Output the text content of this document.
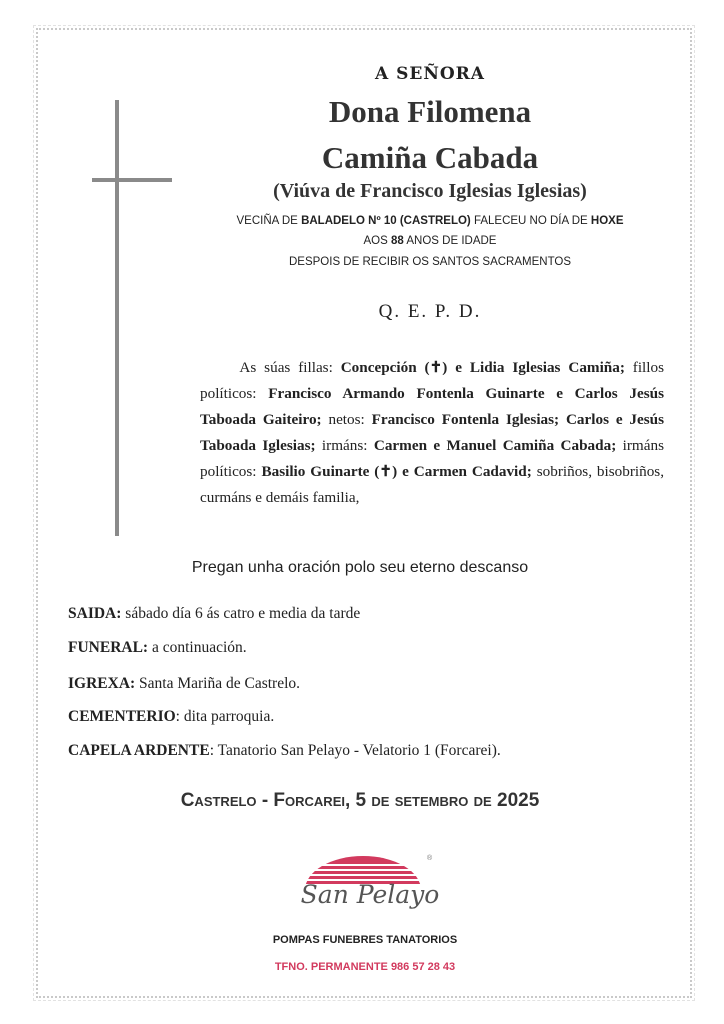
A SEÑORA
Dona Filomena
Camiña Cabada
(Viúva de Francisco Iglesias Iglesias)
VECIÑA DE BALADELO Nº 10 (CASTRELO) FALECEU NO DÍA DE HOXE
AOS 88 ANOS DE IDADE
DESPOIS DE RECIBIR OS SANTOS SACRAMENTOS
Q. E. P. D.
As súas fillas: Concepción (✝) e Lidia Iglesias Camiña; fillos políticos: Francisco Armando Fontenla Guinarte e Carlos Jesús Taboada Gaiteiro; netos: Francisco Fontenla Iglesias; Carlos e Jesús Taboada Iglesias; irmáns: Carmen e Manuel Camiña Cabada; irmáns políticos: Basilio Guinarte (✝) e Carmen Cadavid; sobriños, bisobriños, curmáns e demáis familia,
Pregan unha oración polo seu eterno descanso
SAIDA: sábado día 6 ás catro e media da tarde
FUNERAL: a continuación.
IGREXA: Santa Mariña de Castrelo.
CEMENTERIO: dita parroquia.
CAPELA ARDENTE: Tanatorio San Pelayo - Velatorio 1 (Forcarei).
Castrelo - Forcarei, 5 de setembro de 2025
®
San Pelayo
POMPAS FUNEBRES TANATORIOS
TFNO. PERMANENTE 986 57 28 43
